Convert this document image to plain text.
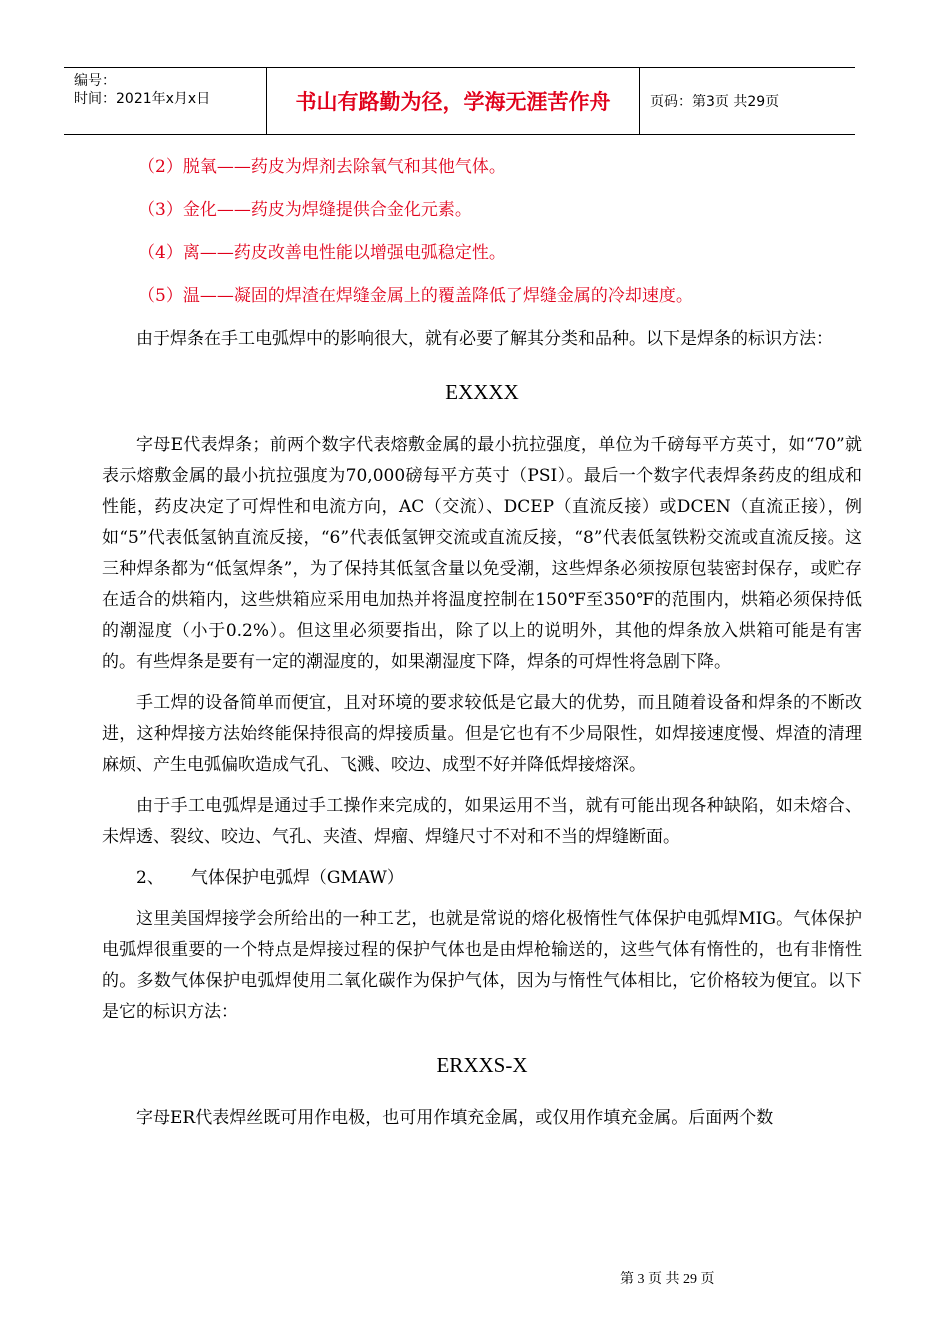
编号：
时间：2021年x月x日	书山有路勤为径，学海无涯苦作舟	页码：第3页 共29页

（2）脱氧——药皮为焊剂去除氧气和其他气体。

（3）金化——药皮为焊缝提供合金化元素。

（4）离——药皮改善电性能以增强电弧稳定性。

（5）温——凝固的焊渣在焊缝金属上的覆盖降低了焊缝金属的冷却速度。

由于焊条在手工电弧焊中的影响很大，就有必要了解其分类和品种。以下是焊条的标识方法：

EXXXX

字母E代表焊条；前两个数字代表熔敷金属的最小抗拉强度，单位为千磅每平方英寸，如“70”就表示熔敷金属的最小抗拉强度为70,000磅每平方英寸（PSI）。最后一个数字代表焊条药皮的组成和性能，药皮决定了可焊性和电流方向，AC（交流）、DCEP（直流反接）或DCEN（直流正接），例如“5”代表低氢钠直流反接，“6”代表低氢钾交流或直流反接，“8”代表低氢铁粉交流或直流反接。这三种焊条都为“低氢焊条”，为了保持其低氢含量以免受潮，这些焊条必须按原包装密封保存，或贮存在适合的烘箱内，这些烘箱应采用电加热并将温度控制在150℉至350℉的范围内，烘箱必须保持低的潮湿度（小于0.2%）。但这里必须要指出，除了以上的说明外，其他的焊条放入烘箱可能是有害的。有些焊条是要有一定的潮湿度的，如果潮湿度下降，焊条的可焊性将急剧下降。

手工焊的设备简单而便宜，且对环境的要求较低是它最大的优势，而且随着设备和焊条的不断改进，这种焊接方法始终能保持很高的焊接质量。但是它也有不少局限性，如焊接速度慢、焊渣的清理麻烦、产生电弧偏吹造成气孔、飞溅、咬边、成型不好并降低焊接熔深。

由于手工电弧焊是通过手工操作来完成的，如果运用不当，就有可能出现各种缺陷，如未熔合、未焊透、裂纹、咬边、气孔、夹渣、焊瘤、焊缝尺寸不对和不当的焊缝断面。

2、     气体保护电弧焊（GMAW）

这里美国焊接学会所给出的一种工艺，也就是常说的熔化极惰性气体保护电弧焊MIG。气体保护电弧焊很重要的一个特点是焊接过程的保护气体也是由焊枪输送的，这些气体有惰性的，也有非惰性的。多数气体保护电弧焊使用二氧化碳作为保护气体，因为与惰性气体相比，它价格较为便宜。以下是它的标识方法：

ERXXS-X

字母ER代表焊丝既可用作电极，也可用作填充金属，或仅用作填充金属。后面两个数

第 3 页 共 29 页
